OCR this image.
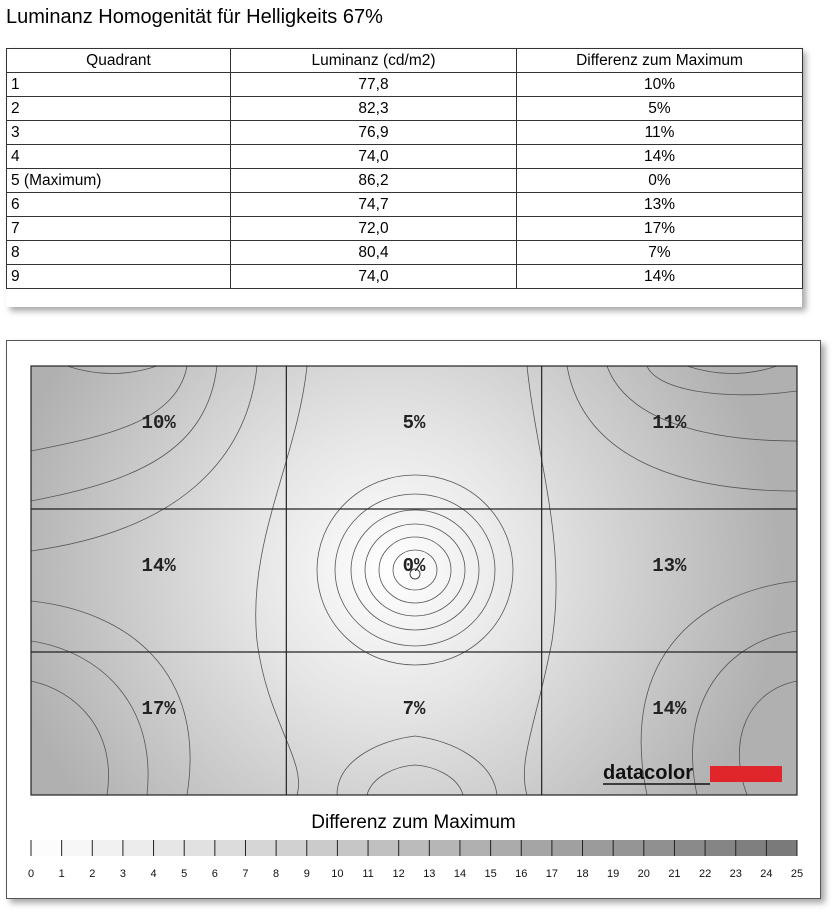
Luminanz Homogenität für Helligkeits 67%
Quadrant	Luminanz (cd/m2)	Differenz zum Maximum
1	77,8	10%
2	82,3	5%
3	76,9	11%
4	74,0	14%
5 (Maximum)	86,2	0%
6	74,7	13%
7	72,0	17%
8	80,4	7%
9	74,0	14%
10%	5%	11%
14%	0%	13%
17%	7%	14%
datacolor
0 1 2 3 4 5 6 7 8 9 10 11 12 13 14 15 16 17 18 19 20 21 22 23 24 25
Differenz zum Maximum
